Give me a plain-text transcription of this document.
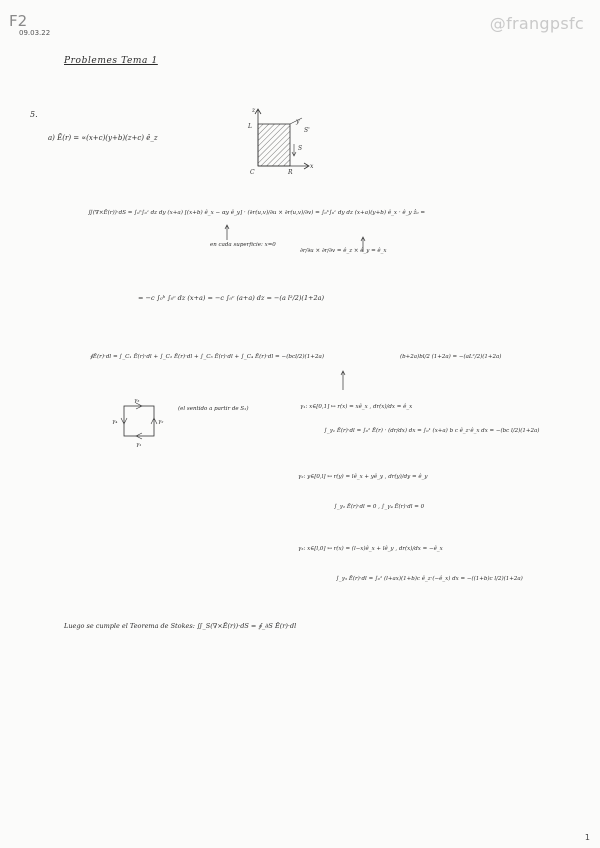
F2
09.03.22	@frangpsfc
Problemes Tema 1
5.
a) Ē(r) = ∝(x+c)(y+b)(z+c) ê_z
z
L
y
S'
x
C	R
S
∬(∇×Ē(r))·dS = ∫₀ᵇ∫₀ᶜ dz dy (x+a) [(x+b) ê_x − αy ê_y] · (∂r(u,v)/∂u × ∂r(u,v)/∂v) = ∫₀ᵇ∫₀ᶜ dy dz (x+a)(y+b) ê_x · ê_y ẑ₀ =
en cada superficie: x=0
∂r/∂u × ∂r/∂v = ê_z × ê_y = ê_x
= −c ∫₀ᵇ ∫₀ᶜ dz (x+a) = −c ∫₀ᶜ (a+a) dz = −(a l²/2)(1+2a)
∮Ē(r)·dl = ∫_C₁ Ē(r)·dl + ∫_C₂ Ē(r)·dl + ∫_C₃ Ē(r)·dl + ∫_C₄ Ē(r)·dl = −(bcl/2)(1+2a)	(b+2a)bl/2 (1+2a) = −(aL²/2)(1+2a)
γ₃
γ₄	γ₂
γ₁
(el sentido a partir de S₁)	γ₁: x∈[0,1] ↦ r(x) = xê_x , dr(x)/dx = ê_x
∫_γ₁ Ē(r)·dl = ∫₀¹ Ē(r) · (dr/dx) dx = ∫₀¹ (x+a) b c ê_z·ê_x dx = −(bc l/2)(1+2a)
γ₂: y∈[0,l] ↦ r(y) = lê_x + yê_y , dr(y)/dy = ê_y
∫_γ₂ Ē(r)·dl = 0 , ∫_γ₄ Ē(r)·dl = 0
γ₃: x∈[l,0] ↦ r(x) = (l−x)ê_x + lê_y , dr(x)/dx = −ê_x
∫_γ₃ Ē(r)·dl = ∫₀¹ (l+ax)(1+b)c ê_z·(−ê_x) dx = −((1+b)c l/2)(1+2a)
Luego se cumple el Teorema de Stokes: ∬_S(∇×Ē(r))·dS = ∮_∂S Ē(r)·dl
1
